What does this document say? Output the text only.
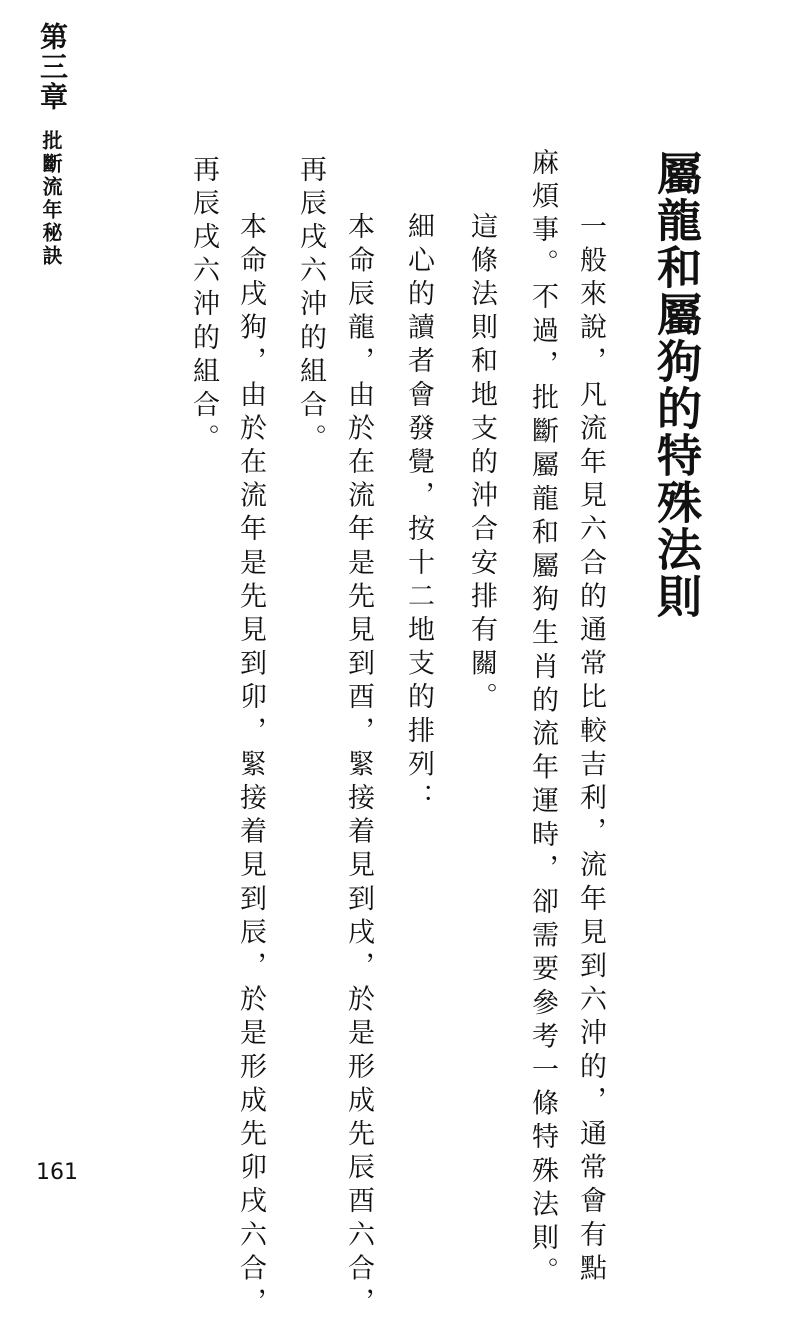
第三章
批斷流年秘訣	屬龍和屬狗的特殊法則
一般來說，凡流年見六合的通常比較吉利，流年見到六沖的，通常會有點
麻煩事。不過，批斷屬龍和屬狗生肖的流年運時，卻需要參考一條特殊法則。
這條法則和地支的沖合安排有關。
細心的讀者會發覺，按十二地支的排列：
本命辰龍，由於在流年是先見到酉，緊接着見到戌，於是形成先辰酉六合，
再辰戌六沖的組合。
本命戌狗，由於在流年是先見到卯，緊接着見到辰，於是形成先卯戌六合，
再辰戌六沖的組合。
161
